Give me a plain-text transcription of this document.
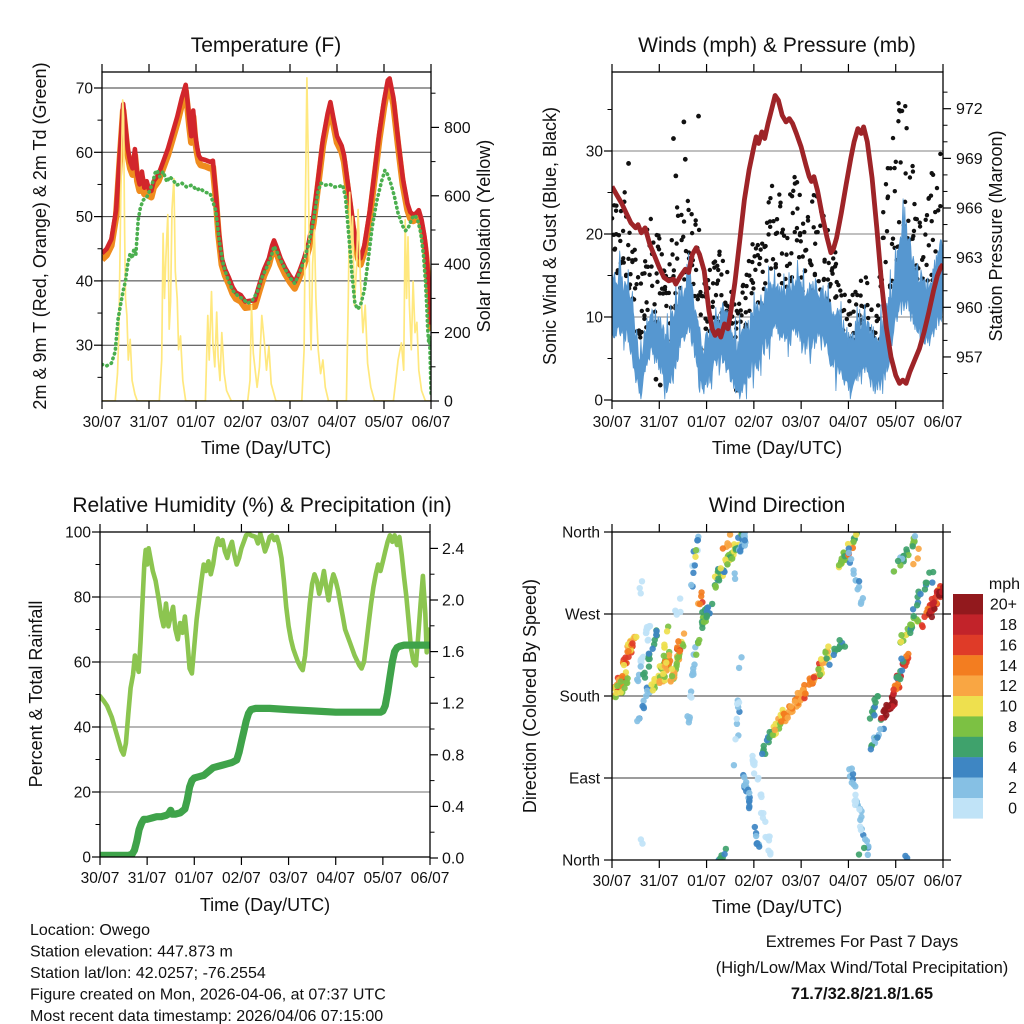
30/07 31/07 01/07 02/07 03/07 04/07 05/07 06/07
30
40
50
60
70
0
200
400
600
800
Temperature (F)
2m & 9m T (Red, Orange) & 2m Td (Green)	Solar Insolation (Yellow)
Time (Day/UTC)
30/07 31/07 01/07 02/07 03/07 04/07 05/07 06/07
0
10
20
30
957
960
963
966
969
972
Winds (mph) & Pressure (mb)
Sonic Wind & Gust (Blue, Black)	Station Pressure (Maroon)
Time (Day/UTC)
30/07 31/07 01/07 02/07 03/07 04/07 05/07 06/07
0
20
40
60
80
100
0.0
0.4
0.8
1.2
1.6
2.0
2.4
Relative Humidity (%) & Precipitation (in)
Percent & Total Rainfall
Time (Day/UTC)
30/07 31/07 01/07 02/07 03/07 04/07 05/07 06/07
North
West
South
East
North
20+
18
16
14
12
10
8
6
4
2
0
Wind Direction
Direction (Colored By Speed)
Time (Day/UTC)
mph
Location: Owego
Station elevation: 447.873 m
Station lat/lon: 42.0257; -76.2554
Figure created on Mon, 2026-04-06, at 07:37 UTC
Most recent data timestamp: 2026/04/06 07:15:00
Extremes For Past 7 Days
(High/Low/Max Wind/Total Precipitation)
71.7/32.8/21.8/1.65
